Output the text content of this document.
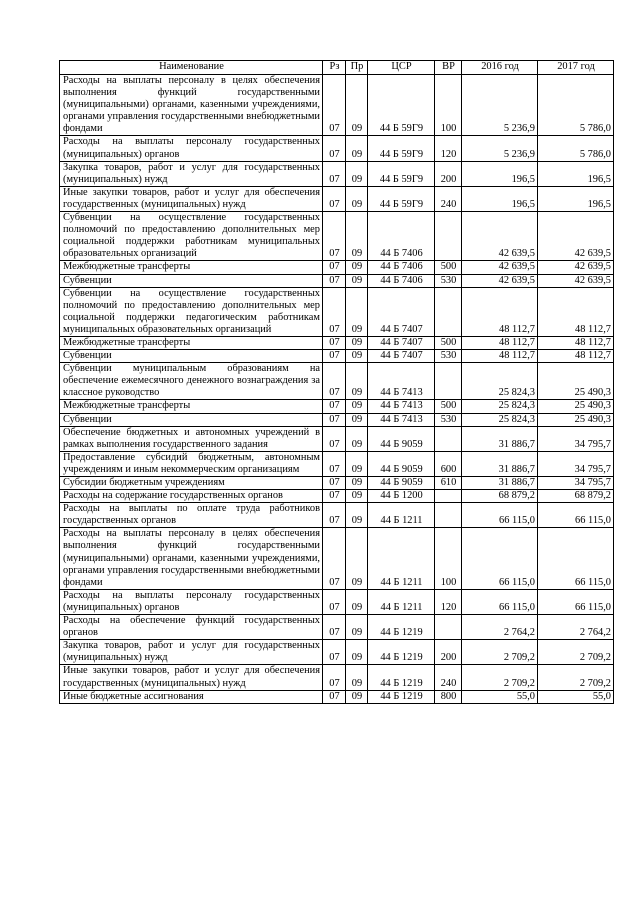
Наименование	Рз	Пр	ЦСР	ВР	2016 год	2017 год
Расходы на выплаты персоналу в целях обеспечения выполнения функций государственными (муниципальными) органами, казенными учреждениями, органами управления государственными внебюджетными фондами	07	09	44 Б 59Г9	100	5 236,9	5 786,0
Расходы на выплаты персоналу государственных (муниципальных) органов	07	09	44 Б 59Г9	120	5 236,9	5 786,0
Закупка товаров, работ и услуг для государственных (муниципальных) нужд	07	09	44 Б 59Г9	200	196,5	196,5
Иные закупки товаров, работ и услуг для обеспечения государственных (муниципальных) нужд	07	09	44 Б 59Г9	240	196,5	196,5
Субвенции на осуществление государственных полномочий по предоставлению дополнительных мер социальной поддержки работникам муниципальных образовательных организаций	07	09	44 Б 7406		42 639,5	42 639,5
Межбюджетные трансферты	07	09	44 Б 7406	500	42 639,5	42 639,5
Субвенции	07	09	44 Б 7406	530	42 639,5	42 639,5
Субвенции на осуществление государственных полномочий по предоставлению дополнительных мер социальной поддержки педагогическим работникам муниципальных образовательных организаций	07	09	44 Б 7407		48 112,7	48 112,7
Межбюджетные трансферты	07	09	44 Б 7407	500	48 112,7	48 112,7
Субвенции	07	09	44 Б 7407	530	48 112,7	48 112,7
Субвенции муниципальным образованиям на обеспечение ежемесячного денежного вознаграждения за классное руководство	07	09	44 Б 7413		25 824,3	25 490,3
Межбюджетные трансферты	07	09	44 Б 7413	500	25 824,3	25 490,3
Субвенции	07	09	44 Б 7413	530	25 824,3	25 490,3
Обеспечение бюджетных и автономных учреждений в рамках выполнения государственного задания	07	09	44 Б 9059		31 886,7	34 795,7
Предоставление субсидий бюджетным, автономным учреждениям и иным некоммерческим организациям	07	09	44 Б 9059	600	31 886,7	34 795,7
Субсидии бюджетным учреждениям	07	09	44 Б 9059	610	31 886,7	34 795,7
Расходы на содержание государственных органов	07	09	44 Б 1200		68 879,2	68 879,2
Расходы на выплаты по оплате труда работников государственных органов	07	09	44 Б 1211		66 115,0	66 115,0
Расходы на выплаты персоналу в целях обеспечения выполнения функций государственными (муниципальными) органами, казенными учреждениями, органами управления государственными внебюджетными фондами	07	09	44 Б 1211	100	66 115,0	66 115,0
Расходы на выплаты персоналу государственных (муниципальных) органов	07	09	44 Б 1211	120	66 115,0	66 115,0
Расходы на обеспечение функций государственных органов	07	09	44 Б 1219		2 764,2	2 764,2
Закупка товаров, работ и услуг для государственных (муниципальных) нужд	07	09	44 Б 1219	200	2 709,2	2 709,2
Иные закупки товаров, работ и услуг для обеспечения государственных (муниципальных) нужд	07	09	44 Б 1219	240	2 709,2	2 709,2
Иные бюджетные ассигнования	07	09	44 Б 1219	800	55,0	55,0
